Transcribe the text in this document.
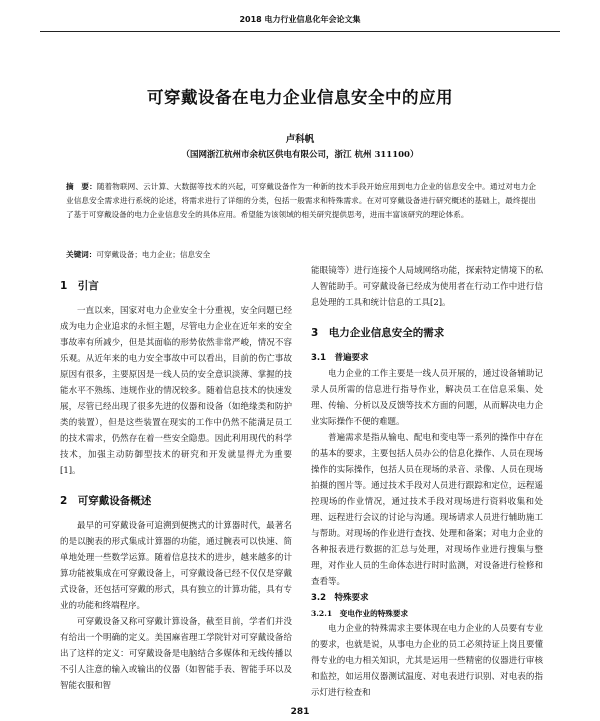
2018 电力行业信息化年会论文集
可穿戴设备在电力企业信息安全中的应用
卢科帆
（国网浙江杭州市余杭区供电有限公司，浙江 杭州 311100）
摘　要：随着物联网、云计算、大数据等技术的兴起，可穿戴设备作为一种新的技术手段开始应用到电力企业的信息安全中。通过对电力企业信息安全需求进行系统的论述，将需求进行了详细的分类，包括一般需求和特殊需求。在对可穿戴设备进行研究概述的基础上，最终提出了基于可穿戴设备的电力企业信息安全的具体应用。希望能为该领域的相关研究提供思考，进而丰富该研究的理论体系。
关键词：可穿戴设备；电力企业；信息安全
1　引言

一直以来，国家对电力企业安全十分重视，安全问题已经成为电力企业追求的永恒主题，尽管电力企业在近年来的安全事故率有所减少，但是其面临的形势依然非常严峻，情况不容乐观。从近年来的电力安全事故中可以看出，目前的伤亡事故原因有很多，主要原因是一线人员的安全意识淡薄、掌握的技能水平不熟练、违规作业的情况较多。随着信息技术的快速发展，尽管已经出现了很多先进的仪器和设备（如绝缘类和防护类的装置），但是这些装置在现实的工作中仍然不能满足员工的技术需求，仍然存在着一些安全隐患。因此利用现代的科学技术，加强主动防御型技术的研究和开发就显得尤为重要[1]。

2　可穿戴设备概述

最早的可穿戴设备可追溯到便携式的计算器时代，最著名的是以腕表的形式集成计算器的功能，通过腕表可以快速、简单地处理一些数学运算。随着信息技术的进步，越来越多的计算功能被集成在可穿戴设备上，可穿戴设备已经不仅仅是穿戴式设备，还包括可穿戴的形式，具有独立的计算功能，具有专业的功能和终端程序。

可穿戴设备又称可穿戴计算设备，截至目前，学者们并没有给出一个明确的定义。美国麻省理工学院针对可穿戴设备给出了这样的定义：可穿戴设备是电脑结合多媒体和无线传播以不引人注意的输入或输出的仪器（如智能手表、智能手环以及智能衣服和智

能眼镜等）进行连接个人局域网络功能，探索特定情境下的私人智能助手。可穿戴设备已经成为使用者在行动工作中进行信息处理的工具和统计信息的工具[2]。

3　电力企业信息安全的需求
3.1　普遍要求

电力企业的工作主要是一线人员开展的，通过设备辅助记录人员所需的信息进行指导作业，解决员工在信息采集、处理、传输、分析以及反馈等技术方面的问题，从而解决电力企业实际操作不便的难题。

普遍需求是指从输电、配电和变电等一系列的操作中存在的基本的要求，主要包括人员办公的信息化操作、人员在现场操作的实际操作，包括人员在现场的录音、录像、人员在现场拍摄的图片等。通过技术手段对人员进行跟踪和定位，远程遥控现场的作业情况，通过技术手段对现场进行资料收集和处理、远程进行会议的讨论与沟通。现场请求人员进行辅助施工与帮助。对现场的作业进行查找、处理和备案；对电力企业的各种报表进行数据的汇总与处理，对现场作业进行搜集与整理，对作业人员的生命体态进行时时监测，对设备进行检修和查看等。

3.2　特殊要求
3.2.1　变电作业的特殊要求

电力企业的特殊需求主要体现在电力企业的人员要有专业的要求，也就是说，从事电力企业的员工必须持证上岗且要懂得专业的电力相关知识，尤其是运用一些精密的仪器进行审核和监控，如运用仪器测试温度、对电表进行识别、对电表的指示灯进行检查和

281
